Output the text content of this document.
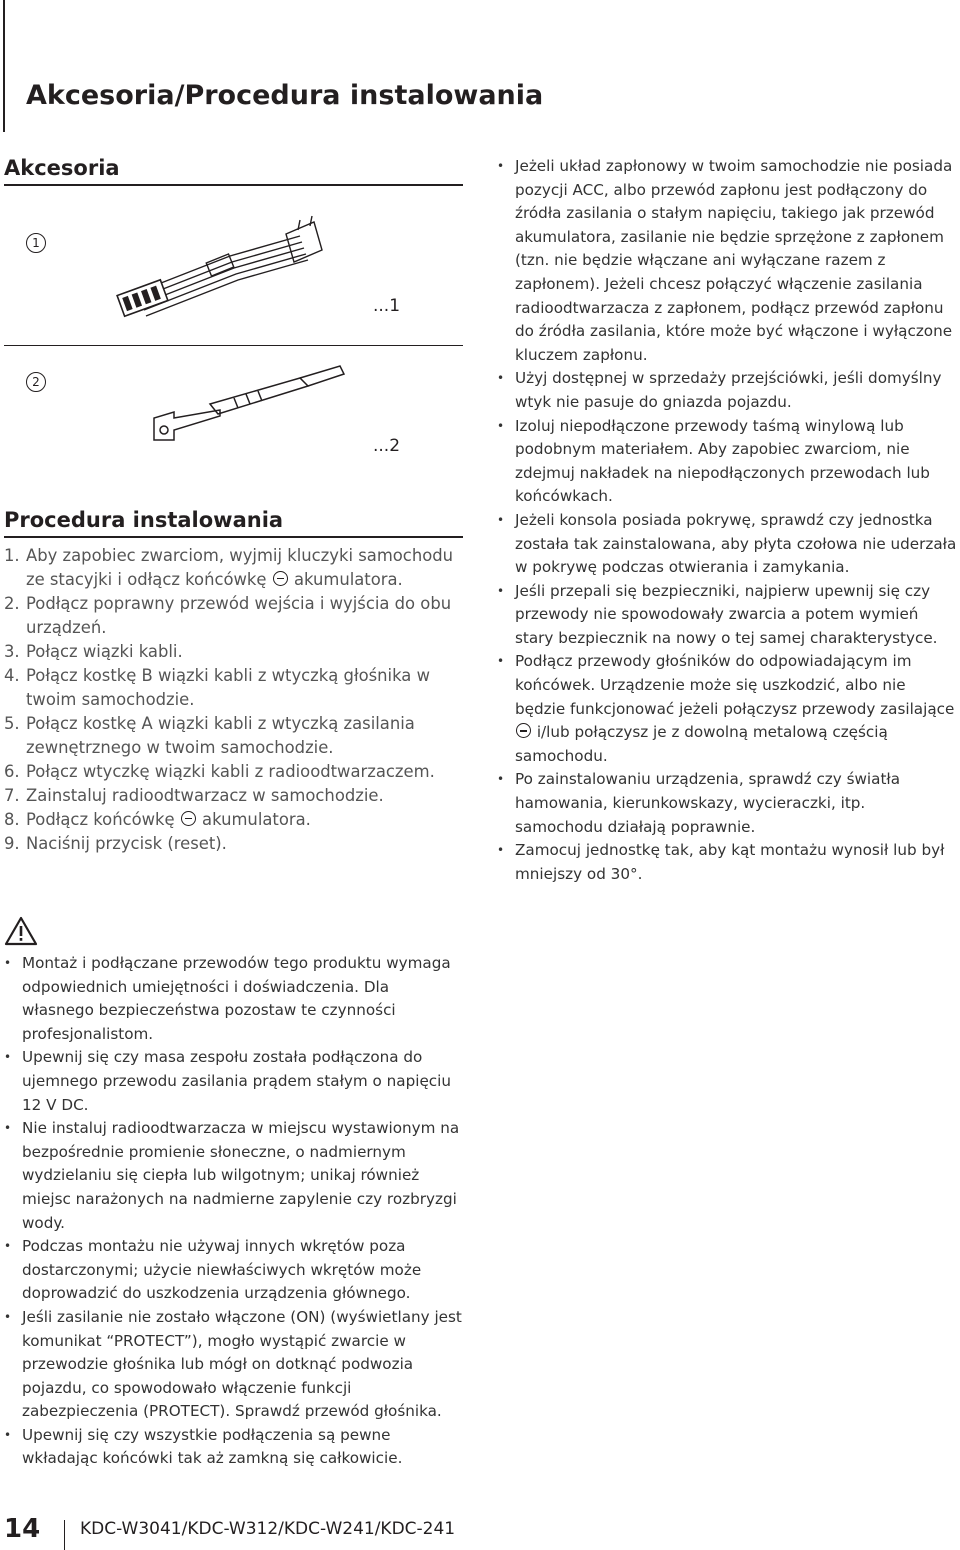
Akcesoria/Procedura instalowania
Akcesoria
1
...1
2
...2
Procedura instalowania
1. Aby zapobiec zwarciom, wyjmij kluczyki samochodu ze stacyjki i odłącz końcówkę akumulatora.
2. Podłącz poprawny przewód wejścia i wyjścia do obu urządzeń.
3. Połącz wiązki kabli.
4. Połącz kostkę B wiązki kabli z wtyczką głośnika w twoim samochodzie.
5. Połącz kostkę A wiązki kabli z wtyczką zasilania zewnętrznego w twoim samochodzie.
6. Połącz wtyczkę wiązki kabli z radioodtwarzaczem.
7. Zainstaluj radioodtwarzacz w samochodzie.
8. Podłącz końcówkę akumulatora.
9. Naciśnij przycisk (reset).
• Montaż i podłączane przewodów tego produktu wymaga odpowiednich umiejętności i doświadczenia. Dla własnego bezpieczeństwa pozostaw te czynności profesjonalistom.
• Upewnij się czy masa zespołu została podłączona do ujemnego przewodu zasilania prądem stałym o napięciu 12 V DC.
• Nie instaluj radioodtwarzacza w miejscu wystawionym na bezpośrednie promienie słoneczne, o nadmiernym wydzielaniu się ciepła lub wilgotnym; unikaj również miejsc narażonych na nadmierne zapylenie czy rozbryzgi wody.
• Podczas montażu nie używaj innych wkrętów poza dostarczonymi; użycie niewłaściwych wkrętów może doprowadzić do uszkodzenia urządzenia głównego.
• Jeśli zasilanie nie zostało włączone (ON) (wyświetlany jest komunikat “PROTECT”), mogło wystąpić zwarcie w przewodzie głośnika lub mógł on dotknąć podwozia pojazdu, co spowodowało włączenie funkcji zabezpieczenia (PROTECT). Sprawdź przewód głośnika.
• Upewnij się czy wszystkie podłączenia są pewne wkładając końcówki tak aż zamkną się całkowicie.
• Jeżeli układ zapłonowy w twoim samochodzie nie posiada pozycji ACC, albo przewód zapłonu jest podłączony do źródła zasilania o stałym napięciu, takiego jak przewód akumulatora, zasilanie nie będzie sprzężone z zapłonem (tzn. nie będzie włączane ani wyłączane razem z zapłonem). Jeżeli chcesz połączyć włączenie zasilania radioodtwarzacza z zapłonem, podłącz przewód zapłonu do źródła zasilania, które może być włączone i wyłączone kluczem zapłonu.
• Użyj dostępnej w sprzedaży przejściówki, jeśli domyślny wtyk nie pasuje do gniazda pojazdu.
• Izoluj niepodłączone przewody taśmą winylową lub podobnym materiałem. Aby zapobiec zwarciom, nie zdejmuj nakładek na niepodłączonych przewodach lub końcówkach.
• Jeżeli konsola posiada pokrywę, sprawdź czy jednostka została tak zainstalowana, aby płyta czołowa nie uderzała w pokrywę podczas otwierania i zamykania.
• Jeśli przepali się bezpieczniki, najpierw upewnij się czy przewody nie spowodowały zwarcia a potem wymień stary bezpiecznik na nowy o tej samej charakterystyce.
• Podłącz przewody głośników do odpowiadającym im końcówek. Urządzenie może się uszkodzić, albo nie będzie funkcjonować jeżeli połączysz przewody zasilające  i/lub połączysz je z dowolną metalową częścią samochodu.
• Po zainstalowaniu urządzenia, sprawdź czy światła hamowania, kierunkowskazy, wycieraczki, itp. samochodu działają poprawnie.
• Zamocuj jednostkę tak, aby kąt montażu wynosił lub był mniejszy od 30°.
14 KDC-W3041/KDC-W312/KDC-W241/KDC-241
